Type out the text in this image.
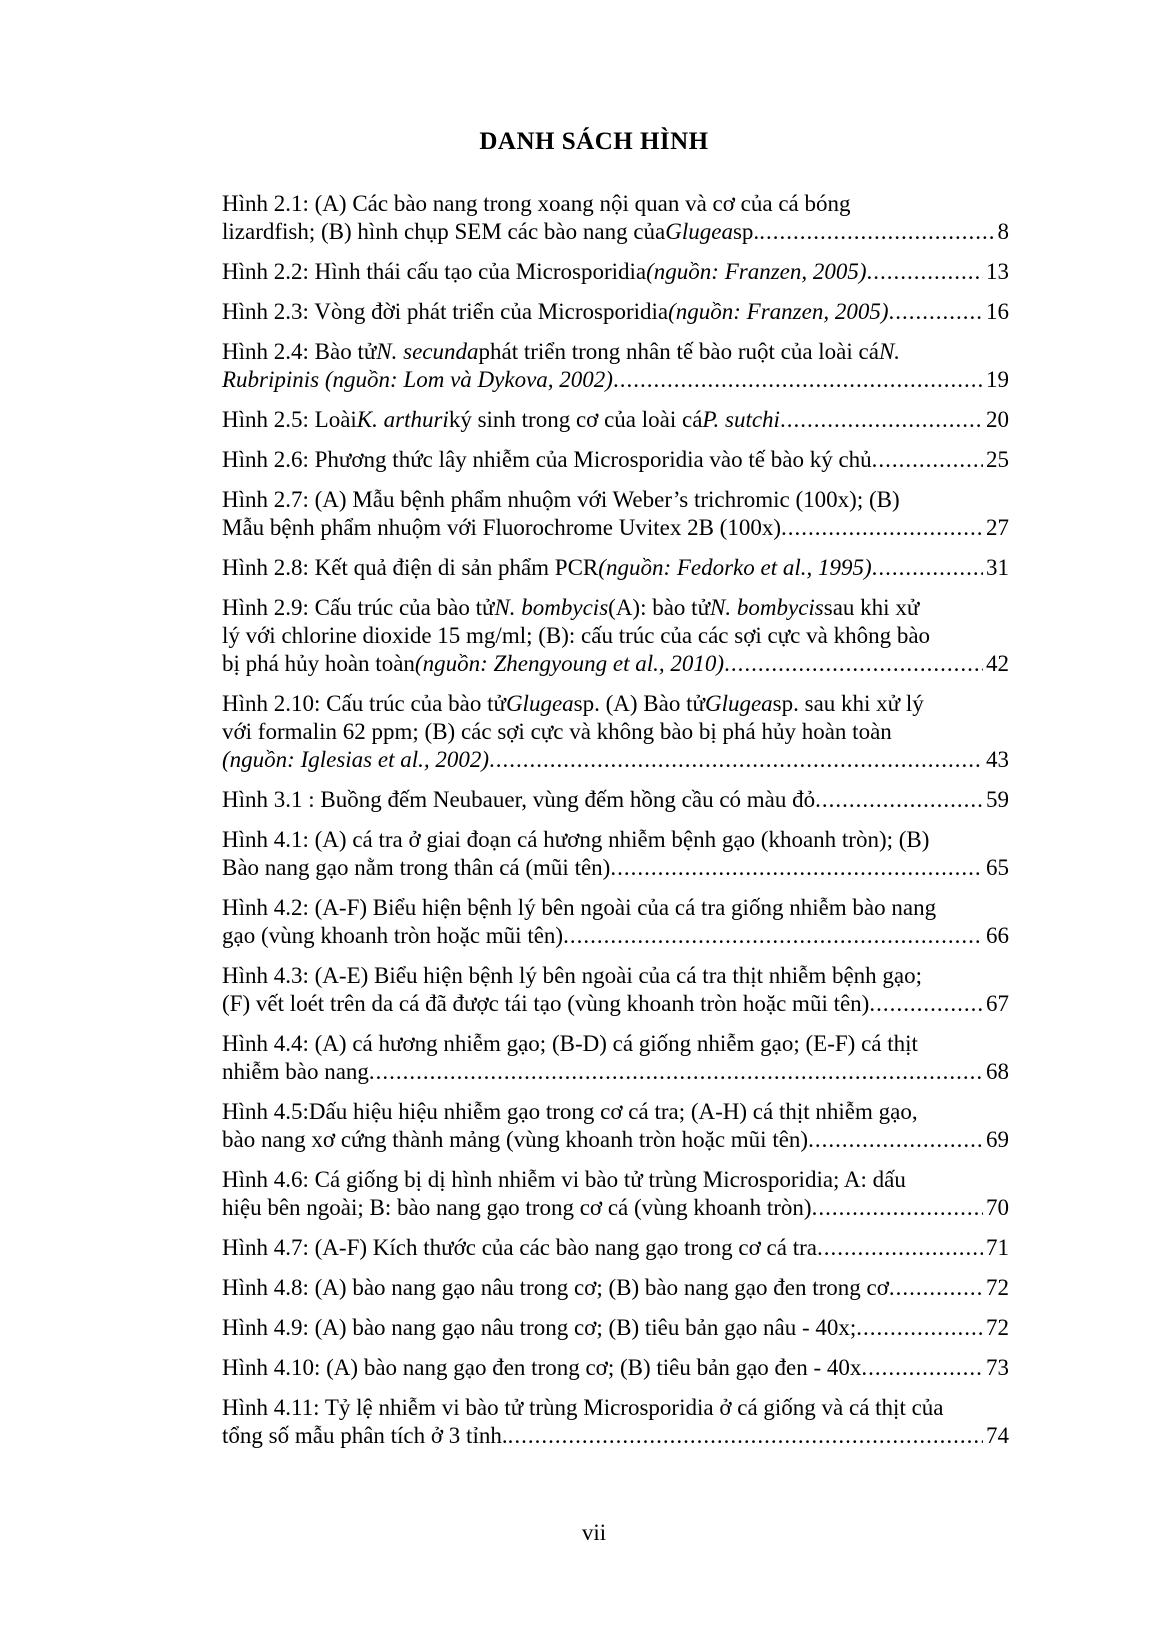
DANH SÁCH HÌNH
Hình 2.1: (A) Các bào nang trong xoang nội quan và cơ của cá bóng
lizardfish; (B) hình chụp SEM các bào nang của Glugea sp. .....	8
Hình 2.2: Hình thái cấu tạo của Microsporidia (nguồn: Franzen, 2005) .....	13
Hình 2.3: Vòng đời phát triển của Microsporidia (nguồn: Franzen, 2005) .....	16
Hình 2.4: Bào tử N. secunda phát triển trong nhân tế bào ruột của loài cá N.
Rubripinis (nguồn: Lom và Dykova, 2002) .....	19
Hình 2.5: Loài K. arthuri ký sinh trong cơ của loài cá P. sutchi .....	20
Hình 2.6: Phương thức lây nhiễm của Microsporidia vào tế bào ký chủ .....	25
Hình 2.7: (A) Mẫu bệnh phẩm nhuộm với Weber’s trichromic (100x); (B)
Mẫu bệnh phẩm nhuộm với Fluorochrome Uvitex 2B (100x) .....	27
Hình 2.8: Kết quả điện di sản phẩm PCR (nguồn: Fedorko et al., 1995) .....	31
Hình 2.9: Cấu trúc của bào tử N. bombycis (A): bào tử N. bombycis sau khi xử
lý với chlorine dioxide 15 mg/ml; (B): cấu trúc của các sợi cực và không bào
bị phá hủy hoàn toàn (nguồn: Zhengyoung et al., 2010) .....	42
Hình 2.10: Cấu trúc của bào tử Glugea sp. (A) Bào tử Glugea sp. sau khi xử lý
với formalin 62 ppm; (B) các sợi cực và không bào bị phá hủy hoàn toàn
(nguồn: Iglesias et al., 2002) .....	43
Hình 3.1 : Buồng đếm Neubauer, vùng đếm hồng cầu có màu đỏ .....	59
Hình 4.1: (A) cá tra ở giai đoạn cá hương nhiễm bệnh gạo (khoanh tròn); (B)
Bào nang gạo nằm trong thân cá (mũi tên) .....	65
Hình 4.2: (A-F) Biểu hiện bệnh lý bên ngoài của cá tra giống nhiễm bào nang
gạo (vùng khoanh tròn hoặc mũi tên) .....	66
Hình 4.3: (A-E) Biểu hiện bệnh lý bên ngoài của cá tra thịt nhiễm bệnh gạo;
(F) vết loét trên da cá đã được tái tạo (vùng khoanh tròn hoặc mũi tên) .....	67
Hình 4.4: (A) cá hương nhiễm gạo; (B-D) cá giống nhiễm gạo; (E-F) cá thịt
nhiễm bào nang .....	68
Hình 4.5:Dấu hiệu hiệu nhiễm gạo trong cơ cá tra; (A-H) cá thịt nhiễm gạo,
bào nang xơ cứng thành mảng (vùng khoanh tròn hoặc mũi tên) .....	69
Hình 4.6: Cá giống bị dị hình nhiễm vi bào tử trùng Microsporidia; A: dấu
hiệu bên ngoài; B: bào nang gạo trong cơ cá (vùng khoanh tròn) .....	70
Hình 4.7: (A-F) Kích thước của các bào nang gạo trong cơ cá tra .....	71
Hình 4.8: (A) bào nang gạo nâu trong cơ; (B) bào nang gạo đen trong cơ .....	72
Hình 4.9: (A) bào nang gạo nâu trong cơ; (B) tiêu bản gạo nâu - 40x; .....	72
Hình 4.10: (A) bào nang gạo đen trong cơ; (B) tiêu bản gạo đen - 40x .....	73
Hình 4.11: Tỷ lệ nhiễm vi bào tử trùng Microsporidia ở cá giống và cá thịt của
tổng số mẫu phân tích ở 3 tỉnh. .....	74
vii
